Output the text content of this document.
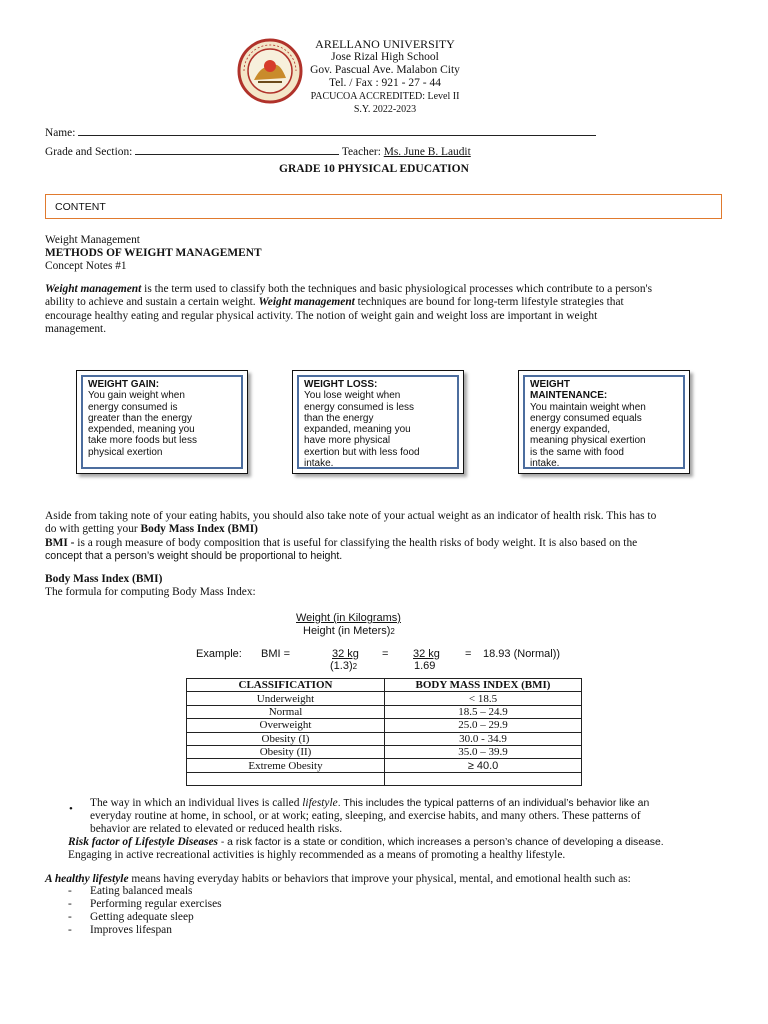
ARELLANO UNIVERSITY
Jose Rizal High School
Gov. Pascual Ave. Malabon City
Tel. / Fax : 921 - 27 - 44
PACUCOA ACCREDITED: Level II
S.Y. 2022-2023
Name:
Grade and Section:	Teacher: Ms. June B. Laudit
GRADE 10 PHYSICAL EDUCATION
CONTENT
Weight Management
METHODS OF WEIGHT MANAGEMENT
Concept Notes #1
Weight management is the term used to classify both the techniques and basic physiological processes which contribute to a person's
ability to achieve and sustain a certain weight. Weight management techniques are bound for long-term lifestyle strategies that
encourage healthy eating and regular physical activity. The notion of weight gain and weight loss are important in weight
management.
WEIGHT GAIN:
You gain weight when
energy consumed is
greater than the energy
expended, meaning you
take more foods but less
physical exertion
WEIGHT LOSS:
You lose weight when
energy consumed is less
than the energy
expanded, meaning you
have more physical
exertion but with less food
intake.
WEIGHT
MAINTENANCE:
You maintain weight when
energy consumed equals
energy expanded,
meaning physical exertion
is the same with food
intake.
Aside from taking note of your eating habits, you should also take note of your actual weight as an indicator of health risk. This has to
do with getting your Body Mass Index (BMI)
BMI - is a rough measure of body composition that is useful for classifying the health risks of body weight. It is also based on the
concept that a person’s weight should be proportional to height.
Body Mass Index (BMI)
The formula for computing Body Mass Index:
Weight (in Kilograms)
Height (in Meters)2
Example: BMI =	32 kg
(1.3)2
= 32 kg
1.69
= 18.93 (Normal))
CLASSIFICATION	BODY MASS INDEX (BMI)
Underweight	< 18.5
Normal	18.5 – 24.9
Overweight	25.0 – 29.9
Obesity (I)	30.0 - 34.9
Obesity (II)	35.0 – 39.9
Extreme Obesity	≥ 40.0

• The way in which an individual lives is called lifestyle. This includes the typical patterns of an individual’s behavior like an
everyday routine at home, in school, or at work; eating, sleeping, and exercise habits, and many others. These patterns of
behavior are related to elevated or reduced health risks.
Risk factor of Lifestyle Diseases - a risk factor is a state or condition, which increases a person’s chance of developing a disease.
Engaging in active recreational activities is highly recommended as a means of promoting a healthy lifestyle.
A healthy lifestyle means having everyday habits or behaviors that improve your physical, mental, and emotional health such as:
- Eating balanced meals
- Performing regular exercises
- Getting adequate sleep
- Improves lifespan
